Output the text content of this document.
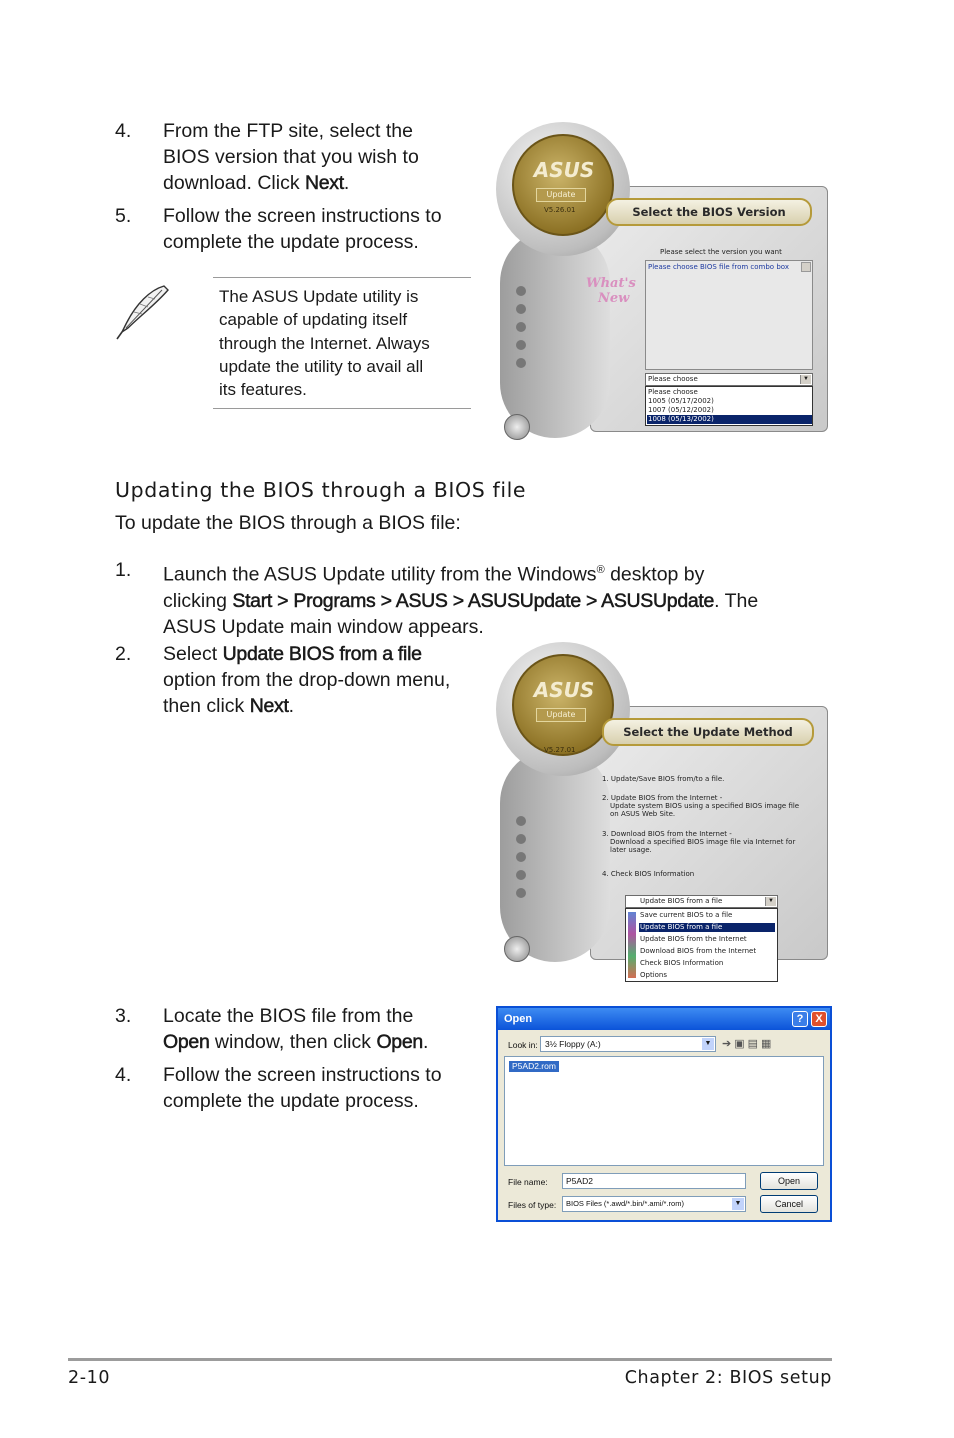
4. From the FTP site, select the
BIOS version that you wish to
download. Click Next.
5. Follow the screen instructions to
complete the update process.
The ASUS Update utility is
capable of updating itself
through the Internet. Always
update the utility to avail all
its features.
ASUS
Update
V5.26.01
What's
New
Select the BIOS Version
Please select the version you want
Please choose BIOS file from combo box
Please choose	▼
Please choose
1005 (05/17/2002)
1007 (05/12/2002)
1008 (05/13/2002)
Updating the BIOS through a BIOS file
To update the BIOS through a BIOS file:
1. Launch the ASUS Update utility from the Windows® desktop by
clicking Start > Programs > ASUS > ASUSUpdate > ASUSUpdate. The
ASUS Update main window appears.
2. Select Update BIOS from a file
option from the drop-down menu,
then click Next.
ASUS
Update
V5.27.01
Select the Update Method
1. Update/Save BIOS from/to a file.
2. Update BIOS from the Internet -
Update system BIOS using a specified BIOS image file
on ASUS Web Site.
3. Download BIOS from the Internet -
Download a specified BIOS image file via Internet for
later usage.
4. Check BIOS Information
Update BIOS from a file	▼
Save current BIOS to a file
Update BIOS from a file
Update BIOS from the Internet
Download BIOS from the Internet
Check BIOS Information
Options
3. Locate the BIOS file from the
Open window, then click Open.
4. Follow the screen instructions to
complete the update process.
Open	?	X
Look in: 3½ Floppy (A:)	▼ ➔▣▤▦
P5AD2.rom
File name: P5AD2
Files of type: BIOS Files (*.awd/*.bin/*.ami/*.rom)	▼
Open
Cancel
2-10	Chapter 2: BIOS setup
